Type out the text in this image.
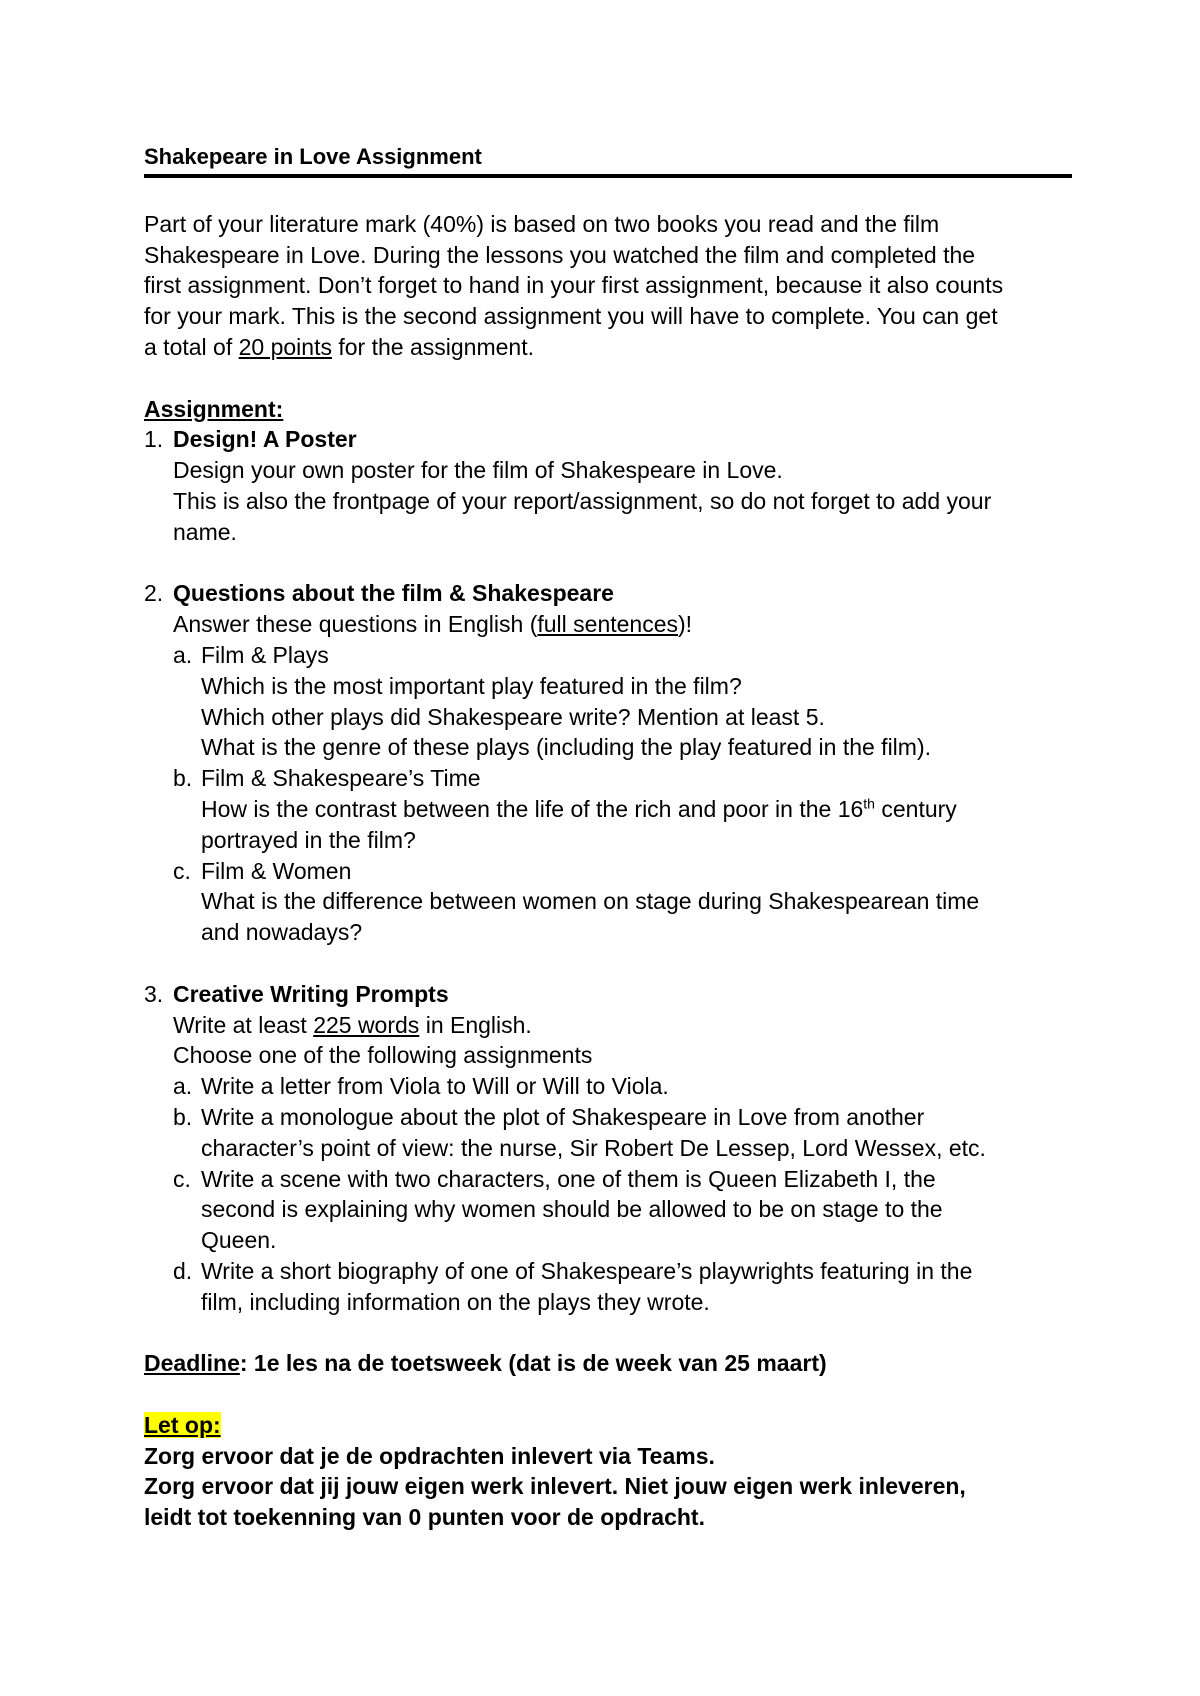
Shakepeare in Love Assignment
Part of your literature mark (40%) is based on two books you read and the film
Shakespeare in Love. During the lessons you watched the film and completed the
first assignment. Don’t forget to hand in your first assignment, because it also counts
for your mark. This is the second assignment you will have to complete. You can get
a total of 20 points for the assignment.
Assignment:
1. Design! A Poster
Design your own poster for the film of Shakespeare in Love.
This is also the frontpage of your report/assignment, so do not forget to add your
name.
2. Questions about the film & Shakespeare
Answer these questions in English (full sentences)!
a. Film & Plays
Which is the most important play featured in the film?
Which other plays did Shakespeare write? Mention at least 5.
What is the genre of these plays (including the play featured in the film).
b. Film & Shakespeare’s Time
How is the contrast between the life of the rich and poor in the 16th century
portrayed in the film?
c. Film & Women
What is the difference between women on stage during Shakespearean time
and nowadays?
3. Creative Writing Prompts
Write at least 225 words in English.
Choose one of the following assignments
a. Write a letter from Viola to Will or Will to Viola.
b. Write a monologue about the plot of Shakespeare in Love from another
character’s point of view: the nurse, Sir Robert De Lessep, Lord Wessex, etc.
c. Write a scene with two characters, one of them is Queen Elizabeth I, the
second is explaining why women should be allowed to be on stage to the
Queen.
d. Write a short biography of one of Shakespeare’s playwrights featuring in the
film, including information on the plays they wrote.
Deadline: 1e les na de toetsweek (dat is de week van 25 maart)
Let op:
Zorg ervoor dat je de opdrachten inlevert via Teams.
Zorg ervoor dat jij jouw eigen werk inlevert. Niet jouw eigen werk inleveren,
leidt tot toekenning van 0 punten voor de opdracht.
